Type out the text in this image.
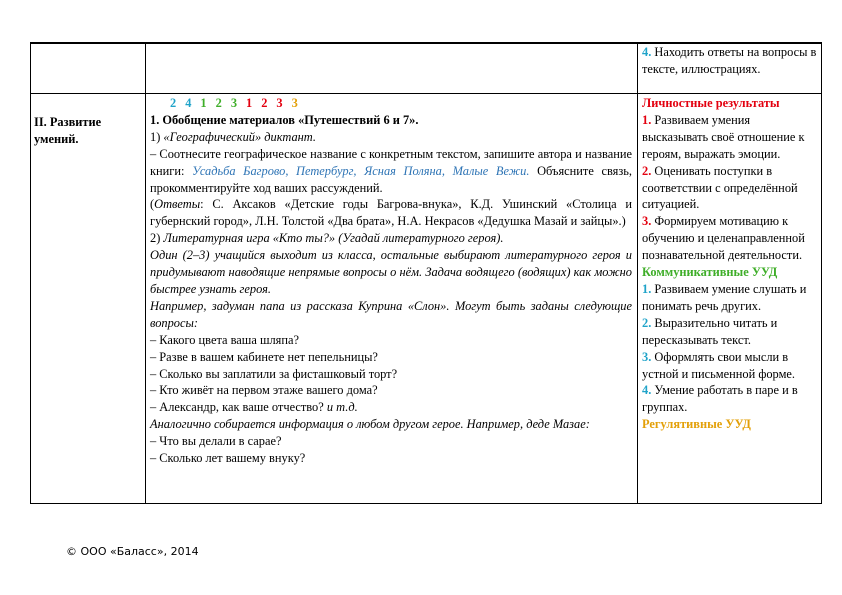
4. Находить ответы на вопросы в тексте, иллюстрациях.

II. Развитие умений.
2 4 1 2 3 1 2 3 3

1. Обобщение материалов «Путешествий 6 и 7».

1) «Географический» диктант.

– Соотнесите географическое название с конкретным текстом, запишите автора и название книги: Усадьба Багрово, Петербург, Ясная Поляна, Малые Вежи. Объясните связь, прокомментируйте ход ваших рассуждений.

(Ответы: С. Аксаков «Детские годы Багрова-внука», К.Д. Ушинский «Столица и губернский город», Л.Н. Толстой «Два брата», Н.А. Некрасов «Дедушка Мазай и зайцы».)

2) Литературная игра «Кто ты?» (Угадай литературного героя).

Один (2–3) учащийся выходит из класса, остальные выбирают литературного героя и придумывают наводящие непрямые вопросы о нём. Задача водящего (водящих) как можно быстрее узнать героя.

Например, задуман папа из рассказа Куприна «Слон». Могут быть заданы следующие вопросы:

– Какого цвета ваша шляпа?

– Разве в вашем кабинете нет пепельницы?

– Сколько вы заплатили за фисташковый торт?

– Кто живёт на первом этаже вашего дома?

– Александр, как ваше отчество? и т.д.

Аналогично собирается информация о любом другом герое. Например, деде Мазае:

– Что вы делали в сарае?

– Сколько лет вашему внуку?

Личностные результаты

1. Развиваем умения высказывать своё отношение к героям, выражать эмоции.

2. Оценивать поступки в соответствии с определённой ситуацией.

3. Формируем мотивацию к обучению и целенаправленной познавательной деятельности.

Коммуникативные УУД

1. Развиваем умение слушать и понимать речь других.

2. Выразительно читать и пересказывать текст.

3. Оформлять свои мысли в устной и письменной форме.

4. Умение работать в паре и в группах.

Регулятивные УУД

© ООО «Баласс», 2014
